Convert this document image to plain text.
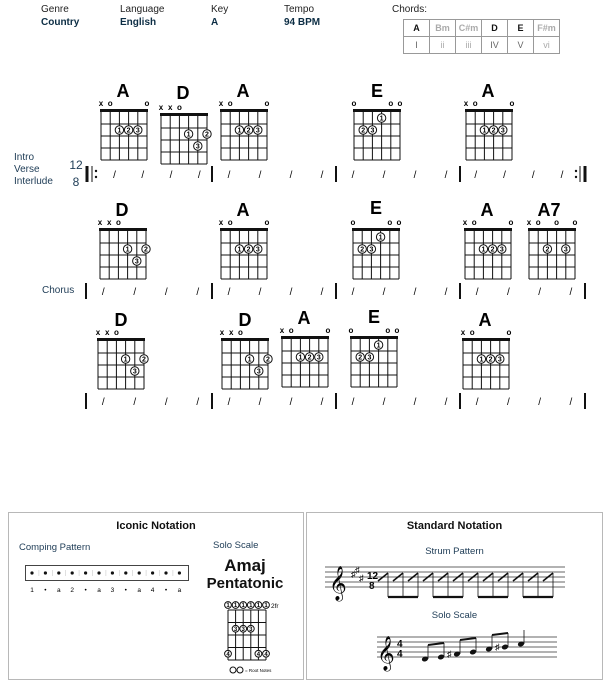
Genre
Country
Language
English
Key
A
Tempo
94 BPM
Chords:
A	Bm	C#m	D	E	F#m
I	ii	iii	IV	V	vi
Intro
Verse
Interlude
12
8
Chorus
x o	o
1 2 3
x x o
1 2
3
x o	o
1 2 3
o	o o
1
2 3
x o	o
1 2 3
x x o
1 2
3
x o	o
1 2 3
o	o o
1
2 3
x o	o
1 2 3
x o o o
2 3
x x o
1 2
3
x x o
1 2
3
x o	o
1 2 3
o	o o
1
2 3
x o	o
1 2 3
/	/	/	/	/	/	/	/	/	/	/	/	/	/	/	/
/	/	/	/	/	/	/	/	/	/	/	/	/	/	/	/
/	/	/	/	/	/	/	/	/	/	/	/	/	/	/	/
A	D	A	E	A
D	A	E	A A7
D	D	A	E	A
Iconic Notation
Comping Pattern	Solo Scale
Amaj
Pentatonic
1 • a 2 • a 3 • a 4 • a
2fr
= Root Notes
1 1 1 1 1 1
3 3 3
4	4 4
Standard Notation
Strum Pattern
Solo Scale
𝄞 ♯ ♯
♯ 12
8
𝄞 4
4	♯
♯
